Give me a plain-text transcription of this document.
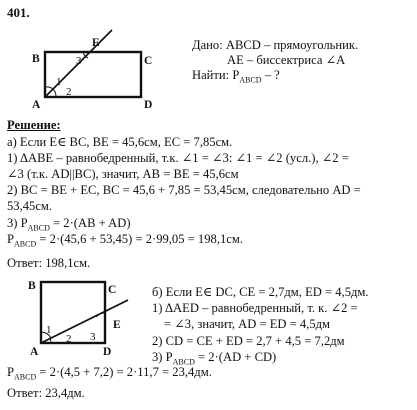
401.
B	C
A	D
E
1
2
3
Дано: ABCD – прямоугольник.
AE – биссектриса ∠A
Найти: $P_{ABCD}$ – ?
Решение:
а) Если E∈ BC, BE = 45,6см, EC = 7,85см.
1) ΔABE – равнобедренный, т.к. ∠1 = ∠3: ∠1 = ∠2 (усл.), ∠2 =
∠3 (т.к. AD||BC), значит, AB = BE = 45,6см
2) BC = BE + EC, BC = 45,6 + 7,85 = 53,45см, следовательно AD =
53,45см.
3) $P_{ABCD} = 2\cdot(AB + AD)$
$P_{ABCD} = 2\cdot(45,6 + 53,45) = 2\cdot 99,05 = 198,1см$.
Ответ: 198,1см.
B	C
A	D
E
1
2 3
б) Если E∈ DC, CE = 2,7дм, ED = 4,5дм.
1) ΔAED – равнобедренный, т. к. ∠2 =
= ∠3, значит, AD = ED = 4,5дм
2) CD = CE + ED = 2,7 + 4,5 = 7,2дм
3) $P_{ABCD} = 2\cdot(AD + CD)$
$P_{ABCD} = 2\cdot(4,5 + 7,2) = 2\cdot 11,7 = 23,4дм$.
Ответ: 23,4дм.
